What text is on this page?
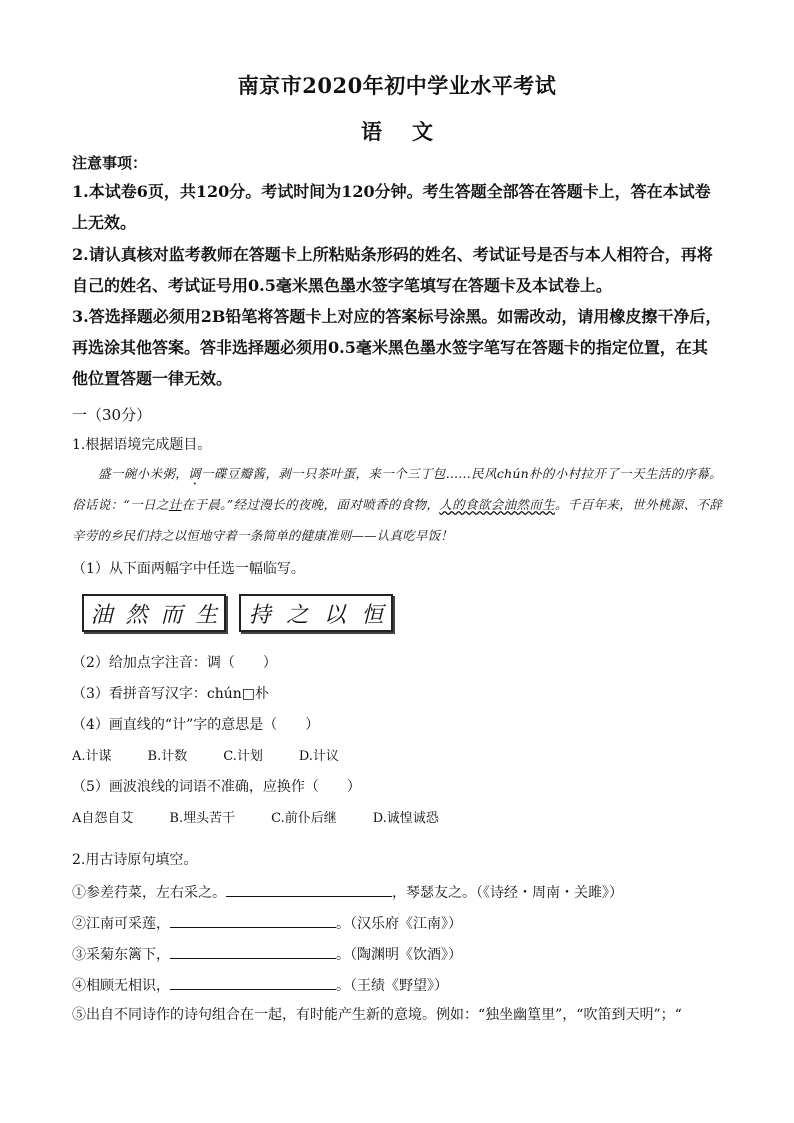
南京市2020年初中学业水平考试
语 文
注意事项：
1.本试卷6页，共120分。考试时间为120分钟。考生答题全部答在答题卡上，答在本试卷
上无效。
2.请认真核对监考教师在答题卡上所粘贴条形码的姓名、考试证号是否与本人相符合，再将
自己的姓名、考试证号用0.5毫米黑色墨水签字笔填写在答题卡及本试卷上。
3.答选择题必须用2B铅笔将答题卡上对应的答案标号涂黑。如需改动，请用橡皮擦干净后，
再选涂其他答案。答非选择题必须用0.5毫米黑色墨水签字笔写在答题卡的指定位置，在其
他位置答题一律无效。
一（30分）
1.根据语境完成题目。
盛一碗小米粥，调一碟豆瓣酱，剥一只茶叶蛋，来一个三丁包……民风chún朴的小村拉开了一天生活的序幕。俗话说：“一日之计在于晨。”经过漫长的夜晚，面对喷香的食物，人的食欲会油然而生。千百年来，世外桃源、不辞辛劳的乡民们持之以恒地守着一条简单的健康准则——认真吃早饭！
（1）从下面两幅字中任选一幅临写。
油 然 而 生 持 之 以 恒
（2）给加点字注音：调（　　）
（3）看拼音写汉字：chún□朴
（4）画直线的“计”字的意思是（　　）
A.计谋	B.计数	C.计划	D.计议
（5）画波浪线的词语不准确，应换作（　　）
A自怨自艾	B.埋头苦干	C.前仆后继	D.诚惶诚恐
2.用古诗原句填空。
①参差荇菜，左右采之。	，琴瑟友之。（《诗经・周南・关雎》）
②江南可采莲，	。（汉乐府《江南》）
③采菊东篱下，	。（陶渊明《饮酒》）
④相顾无相识，	。（王绩《野望》）
⑤出自不同诗作的诗句组合在一起，有时能产生新的意境。例如：“独坐幽篁里”，“吹笛到天明”；“
